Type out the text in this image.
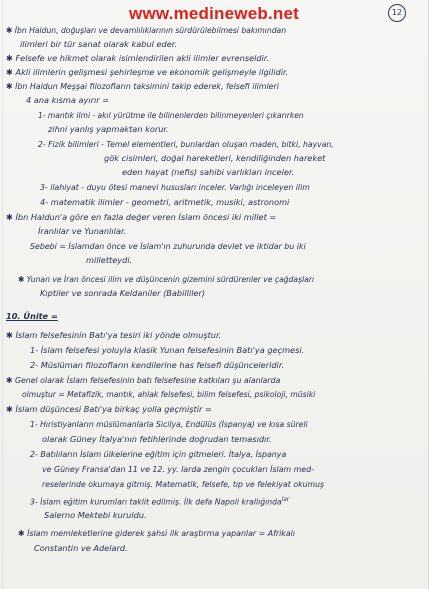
www.medineweb.net	12
✱ İbn Haldun, doğuşları ve devamlılıklarının sürdürülebilmesi bakımından
ilimleri bir tür sanat olarak kabul eder.
✱ Felsefe ve hikmet olarak isimlendirilen akli ilimler evrenseldir.
✱ Akli ilimlerin gelişmesi şehirleşme ve ekonomik gelişmeyle ilgilidir.
✱ İbn Haldun Meşşai filozofların taksimini takip ederek, felsefi ilimleri
4 ana kısma ayırır =
1- mantık ilmi - akıl yürütme ile bilinenlerden bilinmeyenleri çıkarırken
zihni yanlış yapmaktan korur.
2- Fizik bilimleri - Temel elementleri, bunlardan oluşan maden, bitki, hayvan,
gök cisimleri, doğal hareketleri, kendiliğinden hareket
eden hayat (nefis) sahibi varlıkları inceler.
3- ilahiyat - duyu ötesi manevi hususları inceler. Varlığı inceleyen ilim
4- matematik ilimler - geometri, aritmetik, musiki, astronomi
✱ İbn Haldun'a göre en fazla değer veren İslam öncesi iki millet =
İranlılar ve Yunanlılar.
Sebebi = İslamdan önce ve İslam'ın zuhurunda devlet ve iktidar bu iki
milletteydi.
✱ Yunan ve İran öncesi ilim ve düşüncenin gizemini sürdürenler ve çağdaşları
Kıptiler ve sonrada Keldaniler (Babilliler)
10. Ünite =
✱ İslam felsefesinin Batı'ya tesiri iki yönde olmuştur.
1- İslam felsefesi yoluyla klasik Yunan felsefesinin Batı'ya geçmesi.
2- Müslüman filozofların kendilerine has felsefi düşünceleridir.
✱ Genel olarak İslam felsefesinin batı felsefesine katkıları şu alanlarda
olmuştur = Metafizik, mantık, ahlak felsefesi, bilim felsefesi, psikoloji, müsiki
✱ İslam düşüncesi Batı'ya birkaç yolla geçmiştir =
1- Hıristiyanların müslümanlarla Sicilya, Endülüs (İspanya) ve kısa süreli
olarak Güney İtalya'nın fetihlerinde doğrudan temasıdır.
2- Batılıların İslam ülkelerine eğitim için gitmeleri. İtalya, İspanya
ve Güney Fransa'dan 11 ve 12. yy. larda zengin çocukları İslam med-
reselerinde okumaya gitmiş. Matematik, felsefe, tıp ve felekiyat okumuş
3- İslam eğitim kurumları taklit edilmiş. İlk defa Napoli krallığında$^{lar}$
Salerno Mektebi kuruldu.
✱ İslam memleketlerine giderek şahsi ilk araştırma yapanlar = Afrikalı
Constantin ve Adelard.
